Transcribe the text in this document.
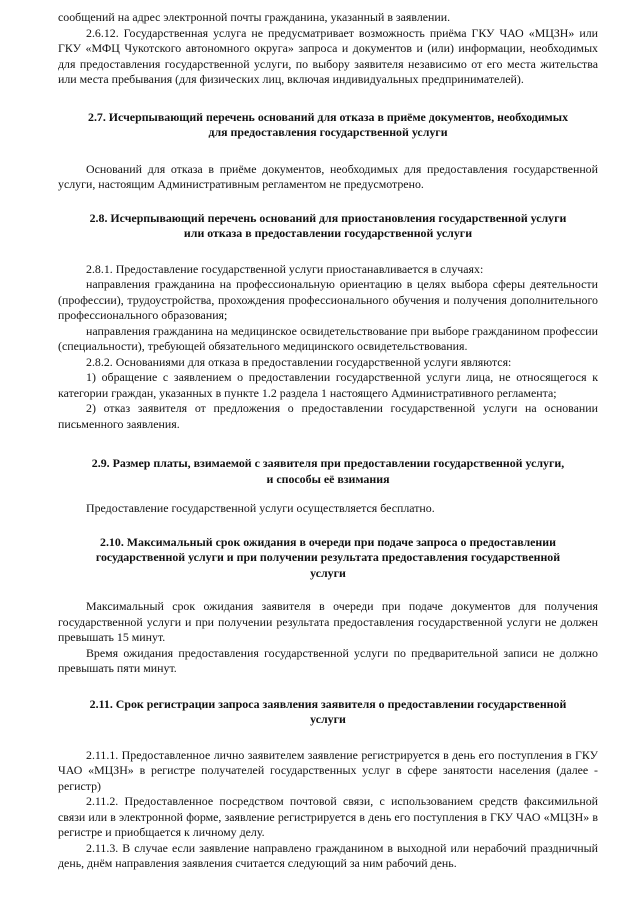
сообщений на адрес электронной почты гражданина, указанный в заявлении.

2.6.12. Государственная услуга не предусматривает возможность приёма ГКУ ЧАО «МЦЗН» или ГКУ «МФЦ Чукотского автономного округа» запроса и документов и (или) информации, необходимых для предоставления государственной услуги, по выбору заявителя независимо от его места жительства или места пребывания (для физических лиц, включая индивидуальных предпринимателей).

2.7. Исчерпывающий перечень оснований для отказа в приёме документов, необходимых для предоставления государственной услуги

Оснований для отказа в приёме документов, необходимых для предоставления государственной услуги, настоящим Административным регламентом не предусмотрено.

2.8. Исчерпывающий перечень оснований для приостановления государственной услуги или отказа в предоставлении государственной услуги

2.8.1. Предоставление государственной услуги приостанавливается в случаях:

направления гражданина на профессиональную ориентацию в целях выбора сферы деятельности (профессии), трудоустройства, прохождения профессионального обучения и получения дополнительного профессионального образования;

направления гражданина на медицинское освидетельствование при выборе гражданином профессии (специальности), требующей обязательного медицинского освидетельствования.

2.8.2. Основаниями для отказа в предоставлении государственной услуги являются:

1) обращение с заявлением о предоставлении государственной услуги лица, не относящегося к категории граждан, указанных в пункте 1.2 раздела 1 настоящего Административного регламента;

2) отказ заявителя от предложения о предоставлении государственной услуги на основании письменного заявления.

2.9. Размер платы, взимаемой с заявителя при предоставлении государственной услуги, и способы её взимания

Предоставление государственной услуги осуществляется бесплатно.

2.10. Максимальный срок ожидания в очереди при подаче запроса о предоставлении государственной услуги и при получении результата предоставления государственной услуги

Максимальный срок ожидания заявителя в очереди при подаче документов для получения государственной услуги и при получении результата предоставления государственной услуги не должен превышать 15 минут.

Время ожидания предоставления государственной услуги по предварительной записи не должно превышать пяти минут.

2.11. Срок регистрации запроса заявления заявителя о предоставлении государственной услуги

2.11.1. Предоставленное лично заявителем заявление регистрируется в день его поступления в ГКУ ЧАО «МЦЗН» в регистре получателей государственных услуг в сфере занятости населения (далее - регистр)

2.11.2. Предоставленное посредством почтовой связи, с использованием средств факсимильной связи или в электронной форме, заявление регистрируется в день его поступления в ГКУ ЧАО «МЦЗН» в регистре и приобщается к личному делу.

2.11.3. В случае если заявление направлено гражданином в выходной или нерабочий праздничный день, днём направления заявления считается следующий за ним рабочий день.
